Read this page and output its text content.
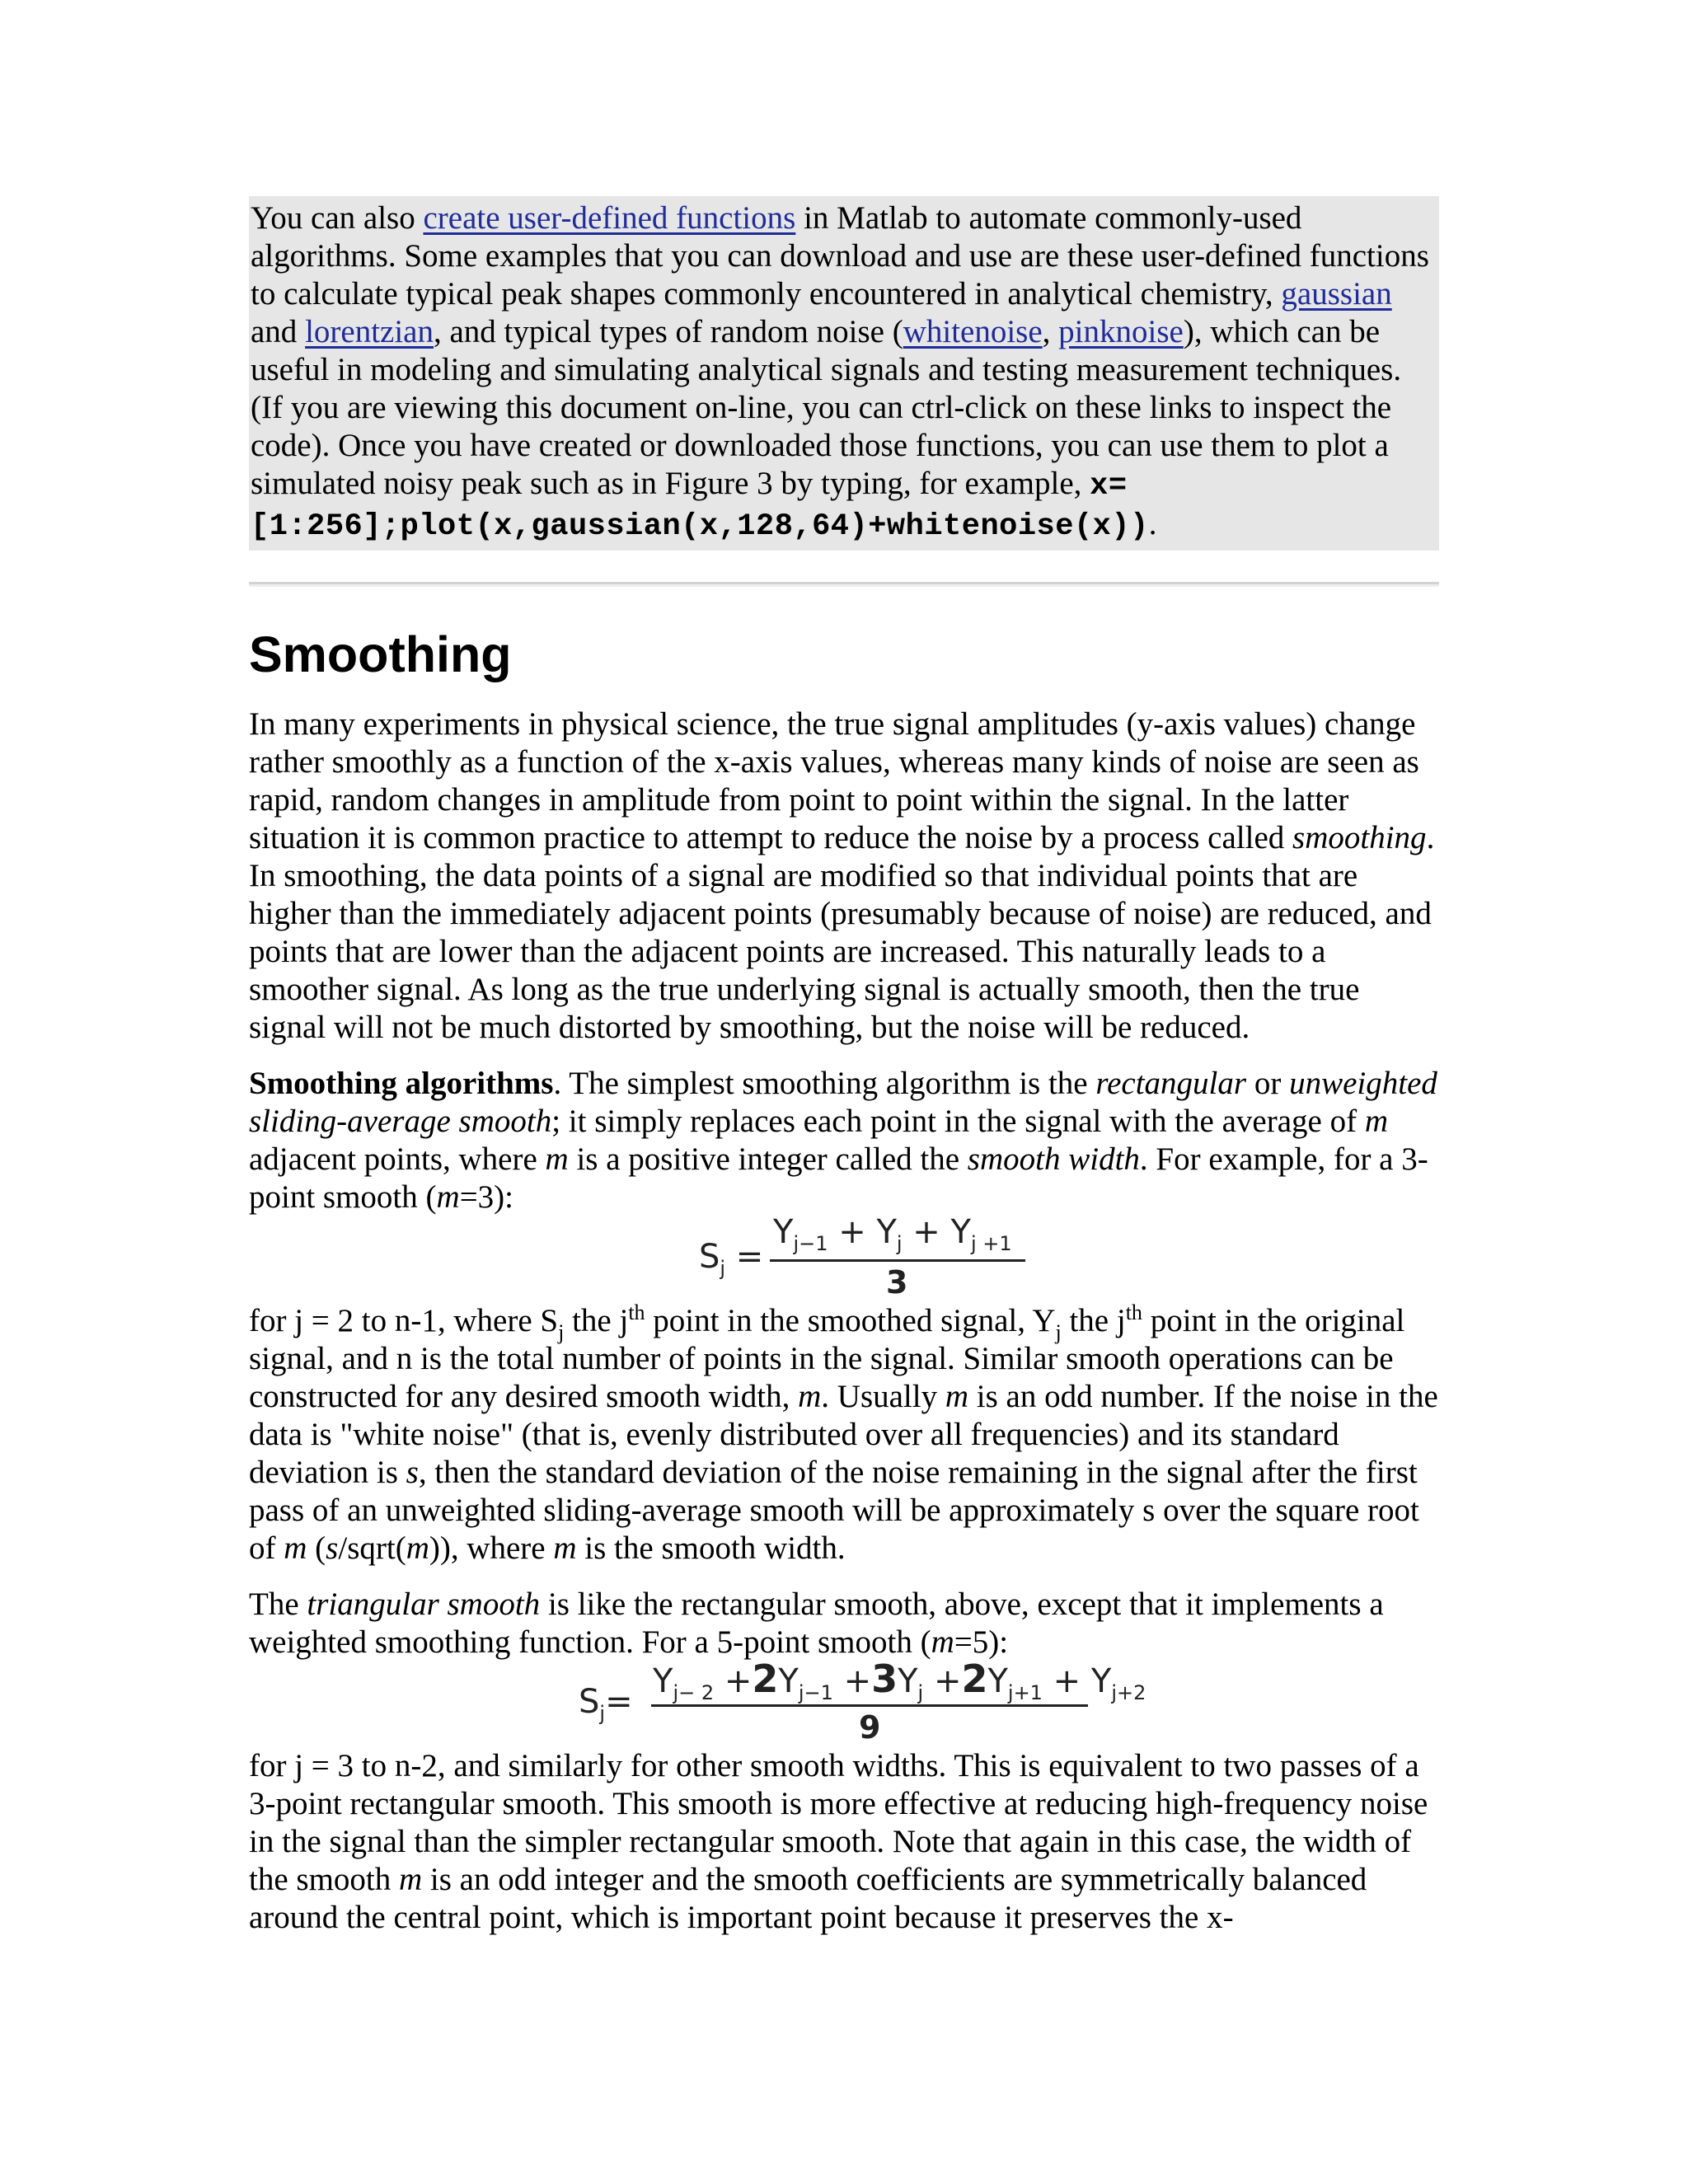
You can also create user-defined functions in Matlab to automate commonly-used algorithms. Some examples that you can download and use are these user-defined functions to calculate typical peak shapes commonly encountered in analytical chemistry, gaussian and lorentzian, and typical types of random noise (whitenoise, pinknoise), which can be useful in modeling and simulating analytical signals and testing measurement techniques. (If you are viewing this document on-line, you can ctrl-click on these links to inspect the code). Once you have created or downloaded those functions, you can use them to plot a simulated noisy peak such as in Figure 3 by typing, for example, x=[1:256];plot(x,gaussian(x,128,64)+whitenoise(x)).

Smoothing

In many experiments in physical science, the true signal amplitudes (y-axis values) change rather smoothly as a function of the x-axis values, whereas many kinds of noise are seen as rapid, random changes in amplitude from point to point within the signal. In the latter situation it is common practice to attempt to reduce the noise by a process called smoothing. In smoothing, the data points of a signal are modified so that individual points that are higher than the immediately adjacent points (presumably because of noise) are reduced, and points that are lower than the adjacent points are increased. This naturally leads to a smoother signal. As long as the true underlying signal is actually smooth, then the true signal will not be much distorted by smoothing, but the noise will be reduced.

Smoothing algorithms. The simplest smoothing algorithm is the rectangular or unweighted sliding-average smooth; it simply replaces each point in the signal with the average of m adjacent points, where m is a positive integer called the smooth width. For example, for a 3-point smooth (m=3):

$S_j$ =
$Y_{j-1} + Y_j + Y_{j +1}$
3

for j = 2 to n-1, where $S_j$ the $j^{th}$ point in the smoothed signal, $Y_j$ the $j^{th}$ point in the original signal, and n is the total number of points in the signal. Similar smooth operations can be constructed for any desired smooth width, m. Usually m is an odd number. If the noise in the data is "white noise" (that is, evenly distributed over all frequencies) and its standard deviation is s, then the standard deviation of the noise remaining in the signal after the first pass of an unweighted sliding-average smooth will be approximately s over the square root of m (s/sqrt(m)), where m is the smooth width.

The triangular smooth is like the rectangular smooth, above, except that it implements a weighted smoothing function. For a 5-point smooth (m=5):

$S_j=$
$Y_{j- 2} +2Y_{j-1} +3Y_j +2Y_{j+1} + Y_{j+2}$
9

for j = 3 to n-2, and similarly for other smooth widths. This is equivalent to two passes of a 3-point rectangular smooth. This smooth is more effective at reducing high-frequency noise in the signal than the simpler rectangular smooth. Note that again in this case, the width of the smooth m is an odd integer and the smooth coefficients are symmetrically balanced around the central point, which is important point because it preserves the x-
